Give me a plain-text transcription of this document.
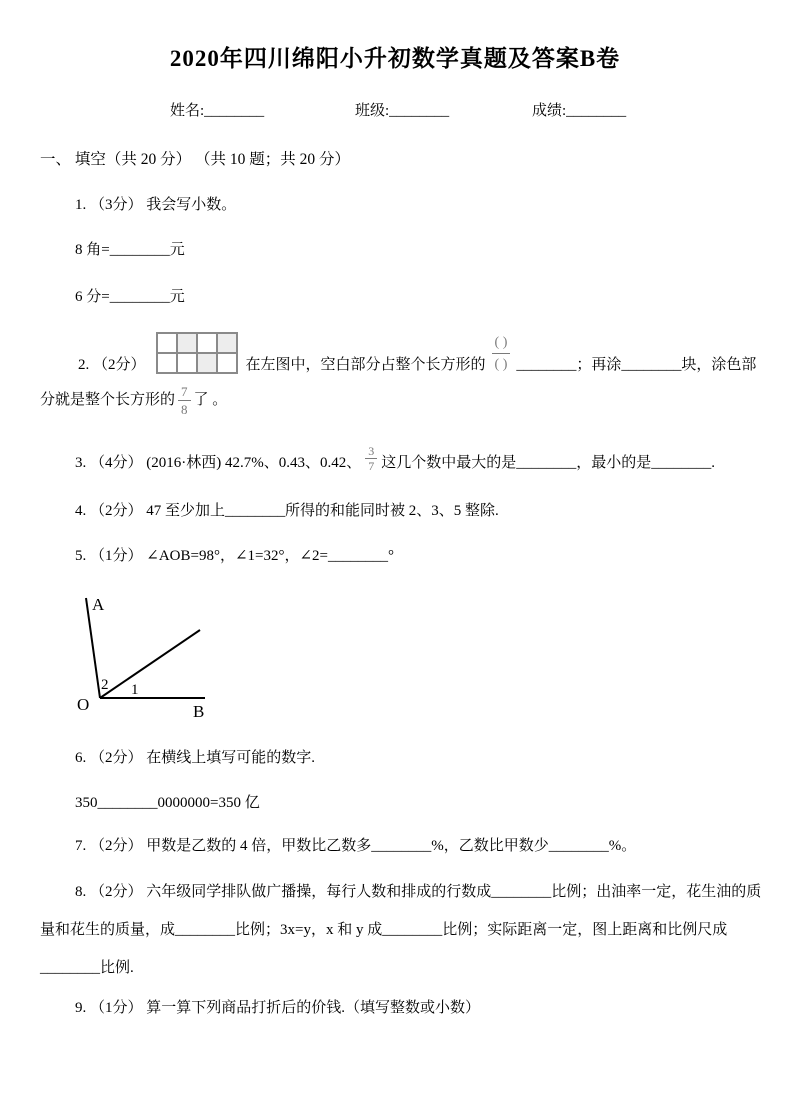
2020年四川绵阳小升初数学真题及答案B卷
姓名:________	班级:________	成绩:________
一、 填空（共 20 分） （共 10 题；共 20 分）
1. （3分） 我会写小数。
8 角=________元
6 分=________元
2. （2分）	在左图中，空白部分占整个长方形的 $\frac{( )}{( )}$ ________；再涂________块，涂色部
分就是整个长方形的 $\frac{7}{8}$ 了 。
3. （4分） (2016·林西) 42.7%、0.43、0.42、 $\frac{3}{7}$ 这几个数中最大的是________，最小的是________.
4. （2分） 47 至少加上________所得的和能同时被 2、3、5 整除.
5. （1分） ∠AOB=98°，∠1=32°，∠2=________°
A
O	B
2 1
6. （2分） 在横线上填写可能的数字.
350________0000000=350 亿
7. （2分） 甲数是乙数的 4 倍，甲数比乙数多________%，乙数比甲数少________%。
8. （2分） 六年级同学排队做广播操，每行人数和排成的行数成________比例；出油率一定，花生油的质
量和花生的质量，成________比例；3x=y，x 和 y 成________比例；实际距离一定，图上距离和比例尺成
________比例.
9. （1分） 算一算下列商品打折后的价钱.（填写整数或小数）
